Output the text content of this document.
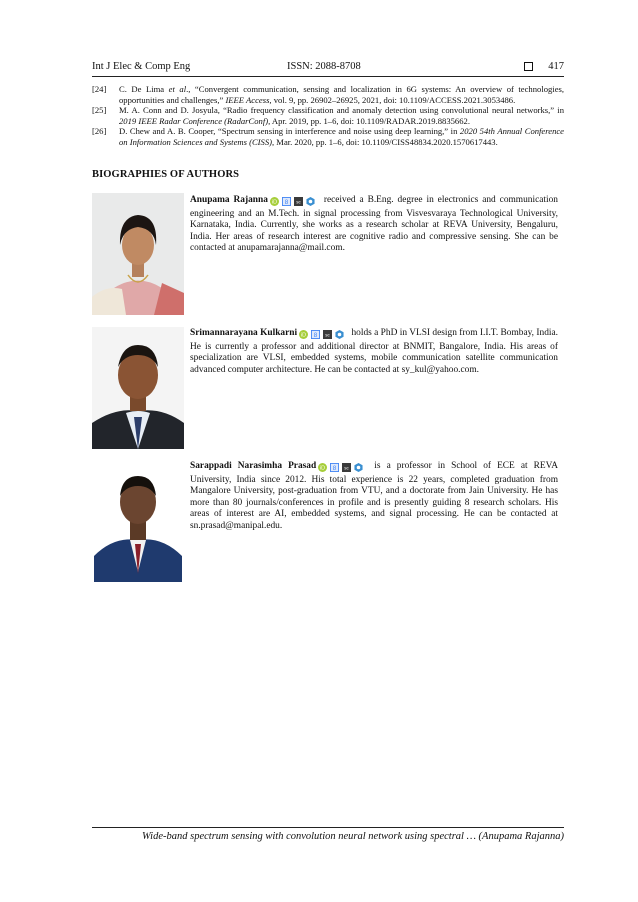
Int J Elec & Comp Eng	ISSN: 2088-8708	417
[24] C. De Lima et al., “Convergent communication, sensing and localization in 6G systems: An overview of technologies, opportunities and challenges,” IEEE Access, vol. 9, pp. 26902–26925, 2021, doi: 10.1109/ACCESS.2021.3053486.
[25] M. A. Conn and D. Josyula, “Radio frequency classification and anomaly detection using convolutional neural networks,” in 2019 IEEE Radar Conference (RadarConf), Apr. 2019, pp. 1–6, doi: 10.1109/RADAR.2019.8835662.
[26] D. Chew and A. B. Cooper, “Spectrum sensing in interference and noise using deep learning,” in 2020 54th Annual Conference on Information Sciences and Systems (CISS), Mar. 2020, pp. 1–6, doi: 10.1109/CISS48834.2020.1570617443.
BIOGRAPHIES OF AUTHORS
Anupama Rajanna iD 8 sc received a B.Eng. degree in electronics and communication engineering and an M.Tech. in signal processing from Visvesvaraya Technological University, Karnataka, India. Currently, she works as a research scholar at REVA University, Bengaluru, India. Her areas of research interest are cognitive radio and compressive sensing. She can be contacted at anupamarajanna@mail.com.
Srimannarayana Kulkarni iD 8 sc holds a PhD in VLSI design from I.I.T. Bombay, India. He is currently a professor and additional director at BNMIT, Bangalore, India. His areas of specialization are VLSI, embedded systems, mobile communication satellite communication advanced computer architecture. He can be contacted at sy_kul@yahoo.com.
Sarappadi Narasimha Prasad iD 8 sc is a professor in School of ECE at REVA University, India since 2012. His total experience is 22 years, completed graduation from Mangalore University, post-graduation from VTU, and a doctorate from Jain University. He has more than 80 journals/conferences in profile and is presently guiding 8 research scholars. His areas of interest are AI, embedded systems, and signal processing. He can be contacted at sn.prasad@manipal.edu.
Wide-band spectrum sensing with convolution neural network using spectral … (Anupama Rajanna)
